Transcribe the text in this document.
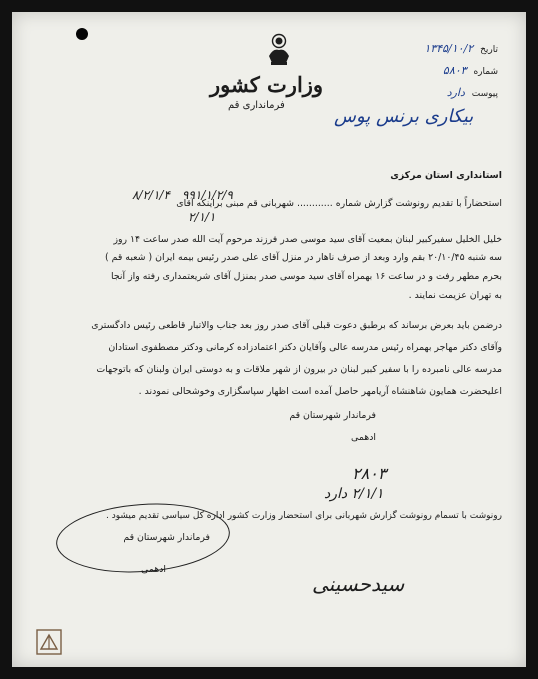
وزارت کشور
فرمانداری قم
تاریخ ۱۳۴۵/۱۰/۲
شماره ۵۸۰۳
پیوست دارد
بیکاری برنس پوس
استانداری استان مرکزی
۹۹۱/۱/۲/۹
۸/۲/۱/۴
۲/۱/۱
استحضاراً با تقدیم رونوشت گزارش شماره ............ شهربانی قم مبنی براینکه آقای
خلیل الخلیل سفیرکبیر لبنان بمعیت آقای سید موسی صدر فرزند مرحوم آیت الله صدر ساعت ۱۴ روز
سه شنبه ۲۰/۱۰/۴۵ بقم وارد وبعد از صرف ناهار در منزل آقای علی صدر رئیس بیمه ایران ( شعبه قم )
بحرم مطهر رفت و در ساعت ۱۶ بهمراه آقای سید موسی صدر بمنزل آقای شریعتمداری رفته واز آنجا
به تهران عزیمت نمایند .
درضمن باید بعرض برساند که برطبق دعوت قبلی آقای صدر روز بعد جناب والاتبار قاطعی رئیس دادگستری
وآقای دکتر مهاجر بهمراه رئیس مدرسه عالی وآقایان دکتر اعتمادزاده کرمانی ودکتر مصطفوی استادان
مدرسه عالی نامبرده را با سفیر کبیر لبنان در بیرون از شهر ملاقات و به دوستی ایران ولبنان که باتوجهات
اعلیحضرت همایون شاهنشاه آریامهر حاصل آمده است اظهار سپاسگزاری وخوشحالی نمودند .
فرماندار شهرستان قم
ادهمی
۲۸۰۳
۲/۱/۱ دارد
رونوشت با تسمام رونوشت گزارش شهربانی برای استحضار وزارت کشور اداره کل سیاسی تقدیم میشود .
فرماندار شهرستان قم
ادهمی
سیدحسینی
